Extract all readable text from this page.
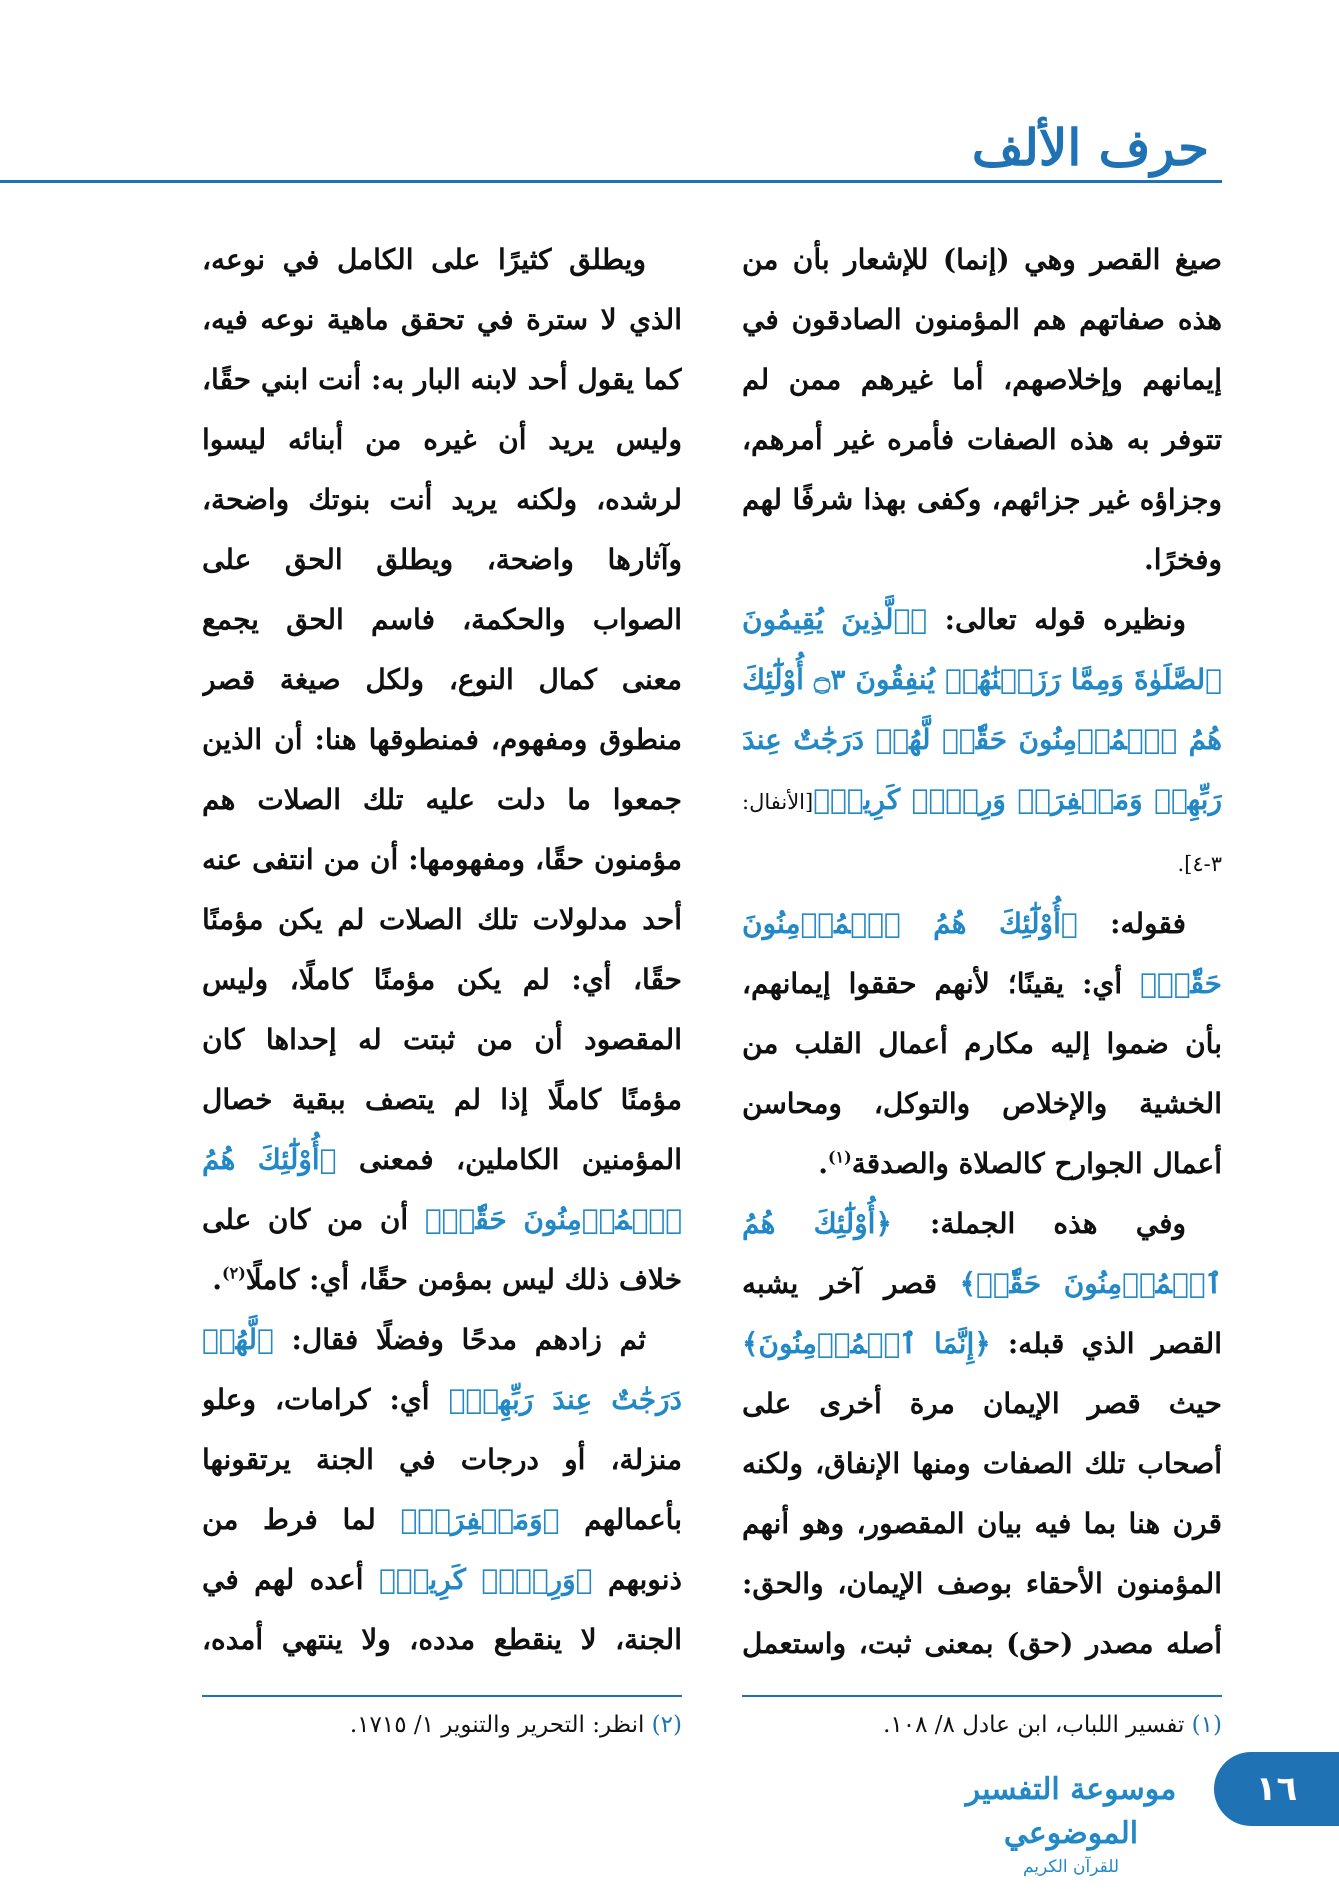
حرف الألف

صيغ القصر وهي (إنما) للإشعار بأن من هذه صفاتهم هم المؤمنون الصادقون في إيمانهم وإخلاصهم، أما غيرهم ممن لم تتوفر به هذه الصفات فأمره غير أمرهم، وجزاؤه غير جزائهم، وكفى بهذا شرفًا لهم وفخرًا.

ونظيره قوله تعالى: ﴿ٱلَّذِينَ يُقِيمُونَ ٱلصَّلَوٰةَ وَمِمَّا رَزَقۡنَٰهُمۡ يُنفِقُونَ ۝٣ أُوْلَٰٓئِكَ هُمُ ٱلۡمُؤۡمِنُونَ حَقّٗاۚ لَّهُمۡ دَرَجَٰتٌ عِندَ رَبِّهِمۡ وَمَغۡفِرَةٞ وَرِزۡقٞ كَرِيمٞ﴾[الأنفال: ٣-٤].

فقوله: ﴿أُوْلَٰٓئِكَ هُمُ ٱلۡمُؤۡمِنُونَ حَقّٗاۚ﴾ أي: يقينًا؛ لأنهم حققوا إيمانهم، بأن ضموا إليه مكارم أعمال القلب من الخشية والإخلاص والتوكل، ومحاسن أعمال الجوارح كالصلاة والصدقة$^{(١)}$.

وفي هذه الجملة: ﴿أُوْلَٰٓئِكَ هُمُ ٱلۡمُؤۡمِنُونَ حَقّٗاۚ﴾ قصر آخر يشبه القصر الذي قبله: ﴿إِنَّمَا ٱلۡمُؤۡمِنُونَ﴾ حيث قصر الإيمان مرة أخرى على أصحاب تلك الصفات ومنها الإنفاق، ولكنه قرن هنا بما فيه بيان المقصور، وهو أنهم المؤمنون الأحقاء بوصف الإيمان، والحق: أصله مصدر (حق) بمعنى ثبت، واستعمل

ويطلق كثيرًا على الكامل في نوعه، الذي لا سترة في تحقق ماهية نوعه فيه، كما يقول أحد لابنه البار به: أنت ابني حقًا، وليس يريد أن غيره من أبنائه ليسوا لرشده، ولكنه يريد أنت بنوتك واضحة، وآثارها واضحة، ويطلق الحق على الصواب والحكمة، فاسم الحق يجمع معنى كمال النوع، ولكل صيغة قصر منطوق ومفهوم، فمنطوقها هنا: أن الذين جمعوا ما دلت عليه تلك الصلات هم مؤمنون حقًا، ومفهومها: أن من انتفى عنه أحد مدلولات تلك الصلات لم يكن مؤمنًا حقًا، أي: لم يكن مؤمنًا كاملًا، وليس المقصود أن من ثبتت له إحداها كان مؤمنًا كاملًا إذا لم يتصف ببقية خصال المؤمنين الكاملين، فمعنى ﴿أُوْلَٰٓئِكَ هُمُ ٱلۡمُؤۡمِنُونَ حَقّٗاۚ﴾ أن من كان على خلاف ذلك ليس بمؤمن حقًا، أي: كاملًا$^{(٢)}$.

ثم زادهم مدحًا وفضلًا فقال: ﴿لَّهُمۡ دَرَجَٰتٌ عِندَ رَبِّهِمۡ﴾ أي: كرامات، وعلو منزلة، أو درجات في الجنة يرتقونها بأعمالهم ﴿وَمَغۡفِرَةٞ﴾ لما فرط من ذنوبهم ﴿وَرِزۡقٞ كَرِيمٞ﴾ أعده لهم في الجنة، لا ينقطع مدده، ولا ينتهي أمده،

(١) تفسير اللباب، ابن عادل ٨/ ١٠٨.
(٢) انظر: التحرير والتنوير ١/ ١٧١٥.
١٦
موسوعة التفسير الموضوعي
للقرآن الكريم
